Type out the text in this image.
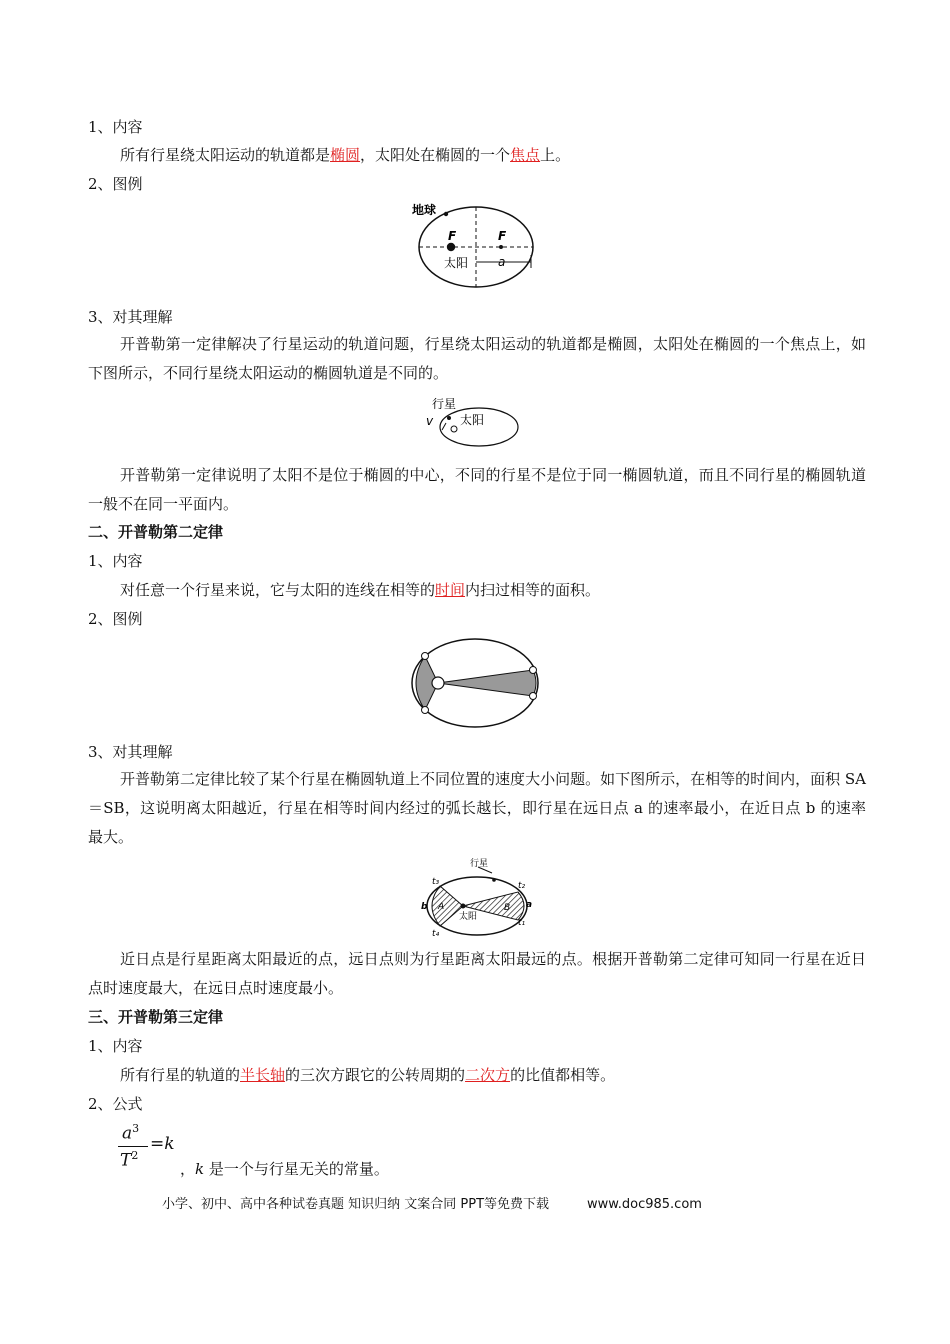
1、内容
所有行星绕太阳运动的轨道都是椭圆，太阳处在椭圆的一个焦点上。
2、图例
地球
F	F
太阳 a
3、对其理解
开普勒第一定律解决了行星运动的轨道问题，行星绕太阳运动的轨道都是椭圆，太阳处在椭圆的一个焦点上，如下图所示，不同行星绕太阳运动的椭圆轨道是不同的。
行星
v 太阳
开普勒第一定律说明了太阳不是位于椭圆的中心，不同的行星不是位于同一椭圆轨道，而且不同行星的椭圆轨道一般不在同一平面内。
二、开普勒第二定律
1、内容
对任意一个行星来说，它与太阳的连线在相等的时间内扫过相等的面积。
2、图例
3、对其理解
开普勒第二定律比较了某个行星在椭圆轨道上不同位置的速度大小问题。如下图所示，在相等的时间内，面积 SA＝SB，这说明离太阳越近，行星在相等时间内经过的弧长越长，即行星在远日点 a 的速率最小，在近日点 b 的速率最大。
行星
t₃
t₄
t₂
t₁
A	B
b	a
太阳
近日点是行星距离太阳最近的点，远日点则为行星距离太阳最远的点。根据开普勒第二定律可知同一行星在近日点时速度最大，在远日点时速度最小。
三、开普勒第三定律
1、内容
所有行星的轨道的半长轴的三次方跟它的公转周期的二次方的比值都相等。
2、公式
$a^3$
$T^2$
=k
，k 是一个与行星无关的常量。
小学、初中、高中各种试卷真题 知识归纳 文案合同 PPT等免费下载	www.doc985.com
